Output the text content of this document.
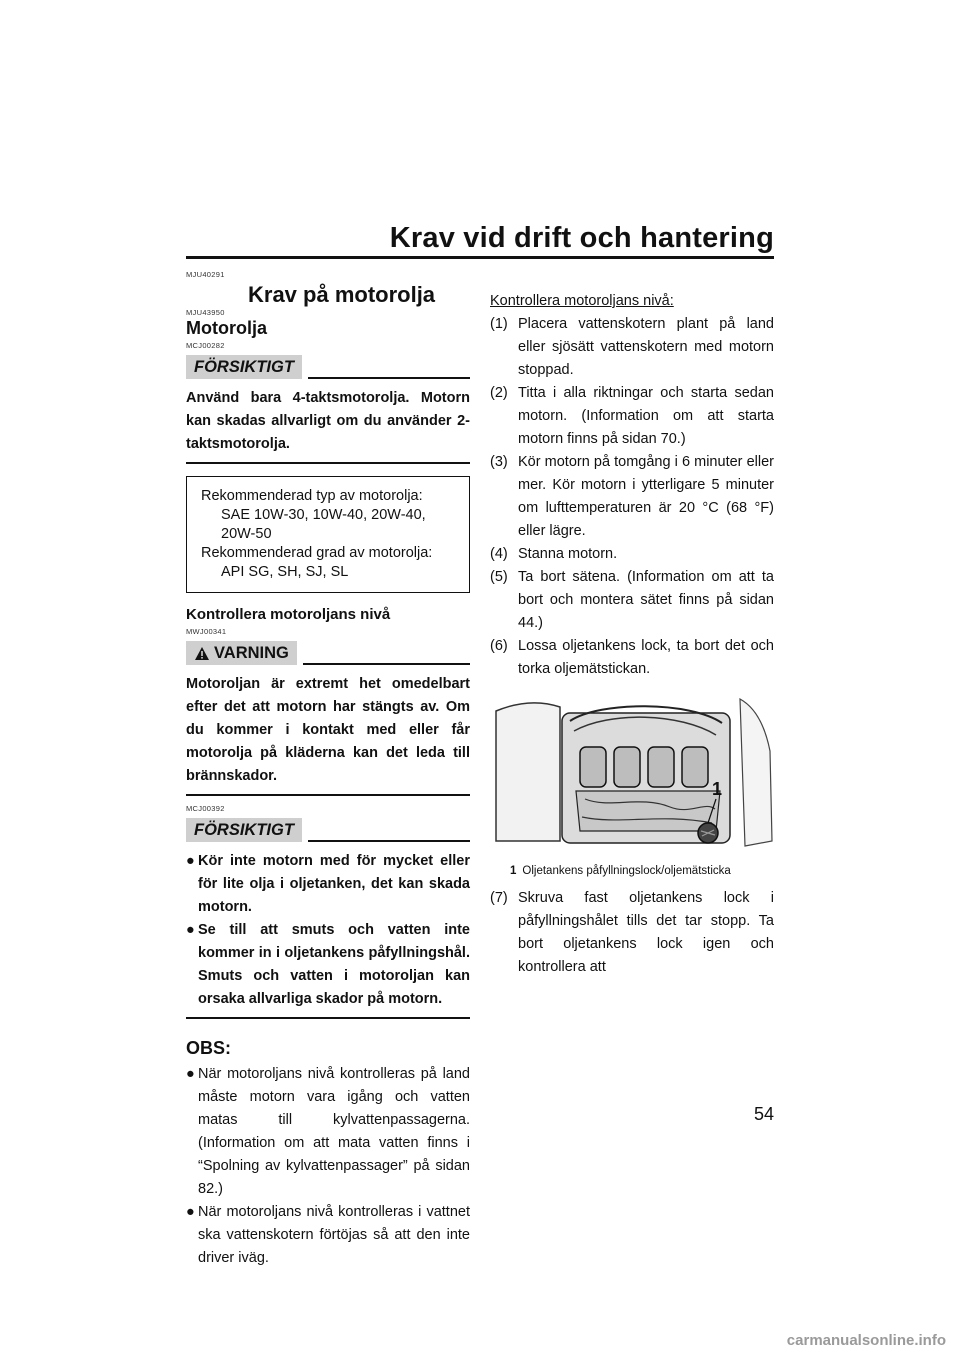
Krav vid drift och hantering
MJU40291
Krav på motorolja
MJU43950
Motorolja
MCJ00282
FÖRSIKTIGT
Använd bara 4-taktsmotorolja. Motorn kan skadas allvarligt om du använder 2-taktsmotorolja.
Rekommenderad typ av motorolja:
SAE 10W-30, 10W-40, 20W-40,
20W-50
Rekommenderad grad av motorolja:
API SG, SH, SJ, SL
Kontrollera motoroljans nivå
MWJ00341
VARNING
Motoroljan är extremt het omedelbart efter det att motorn har stängts av. Om du kommer i kontakt med eller får motorolja på kläderna kan det leda till brännskador.
MCJ00392
FÖRSIKTIGT
● Kör inte motorn med för mycket eller för lite olja i oljetanken, det kan skada motorn.
● Se till att smuts och vatten inte kommer in i oljetankens påfyllningshål. Smuts och vatten i motoroljan kan orsaka allvarliga skador på motorn.
OBS:
● När motoroljans nivå kontrolleras på land måste motorn vara igång och vatten matas till kylvattenpassagerna. (Information om att mata vatten finns i “Spolning av kylvattenpassager” på sidan 82.)
● När motoroljans nivå kontrolleras i vattnet ska vattenskotern förtöjas så att den inte driver iväg.
Kontrollera motoroljans nivå:
(1) Placera vattenskotern plant på land eller sjösätt vattenskotern med motorn stoppad.
(2) Titta i alla riktningar och starta sedan motorn. (Information om att starta motorn finns på sidan 70.)
(3) Kör motorn på tomgång i 6 minuter eller mer. Kör motorn i ytterligare 5 minuter om lufttemperaturen är 20 °C (68 °F) eller lägre.
(4) Stanna motorn.
(5) Ta bort sätena. (Information om att ta bort och montera sätet finns på sidan 44.)
(6) Lossa oljetankens lock, ta bort det och torka oljemätstickan.
1
1 Oljetankens påfyllningslock/oljemätsticka
(7) Skruva fast oljetankens lock i påfyllningshålet tills det tar stopp. Ta bort oljetankens lock igen och kontrollera att
54
carmanualsonline.info
